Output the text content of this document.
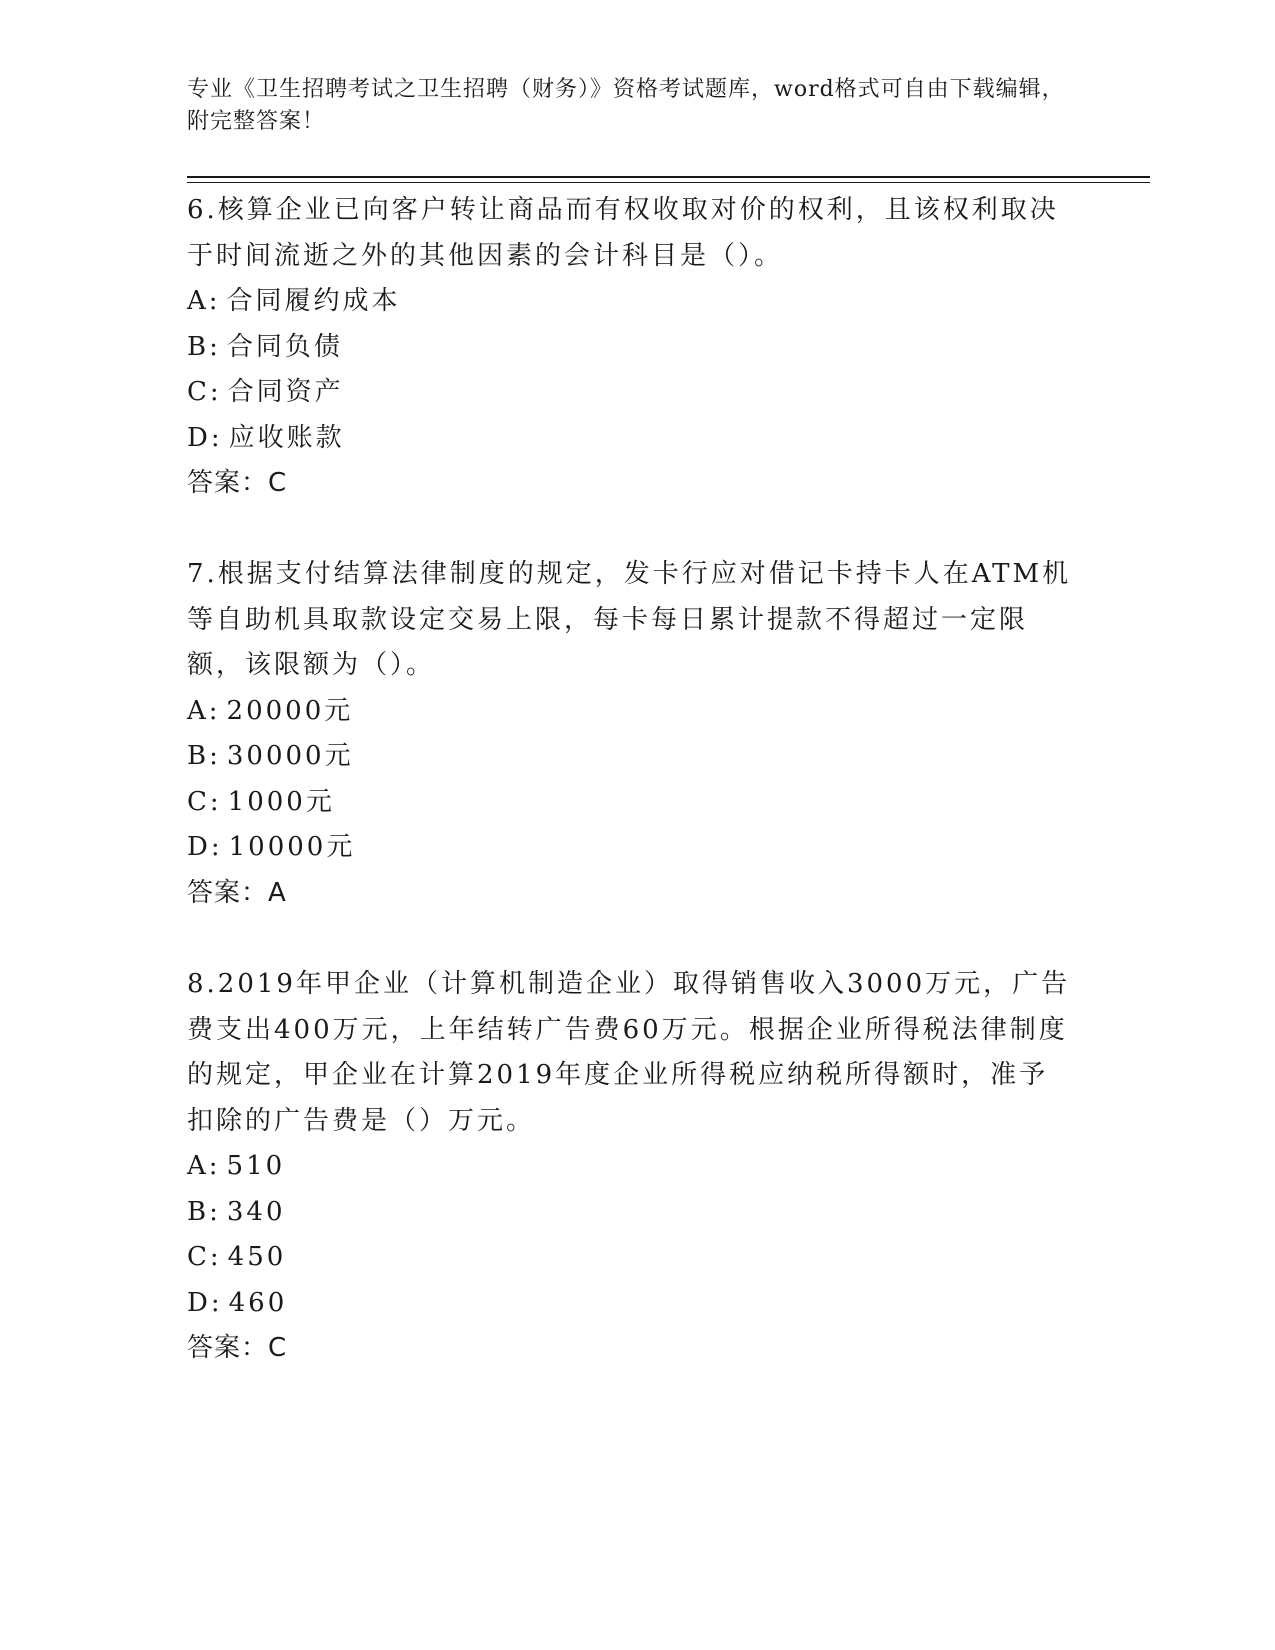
专业《卫生招聘考试之卫生招聘（财务）》资格考试题库，word格式可自由下载编辑，附完整答案！
6.核算企业已向客户转让商品而有权收取对价的权利，且该权利取决于时间流逝之外的其他因素的会计科目是（）。
A: 合同履约成本
B: 合同负债
C: 合同资产
D: 应收账款
答案：C
7.根据支付结算法律制度的规定，发卡行应对借记卡持卡人在ATM机等自助机具取款设定交易上限，每卡每日累计提款不得超过一定限额，该限额为（）。
A: 20000元
B: 30000元
C: 1000元
D: 10000元
答案：A
8.2019年甲企业（计算机制造企业）取得销售收入3000万元，广告费支出400万元，上年结转广告费60万元。根据企业所得税法律制度的规定，甲企业在计算2019年度企业所得税应纳税所得额时，准予扣除的广告费是（）万元。
A: 510
B: 340
C: 450
D: 460
答案：C
